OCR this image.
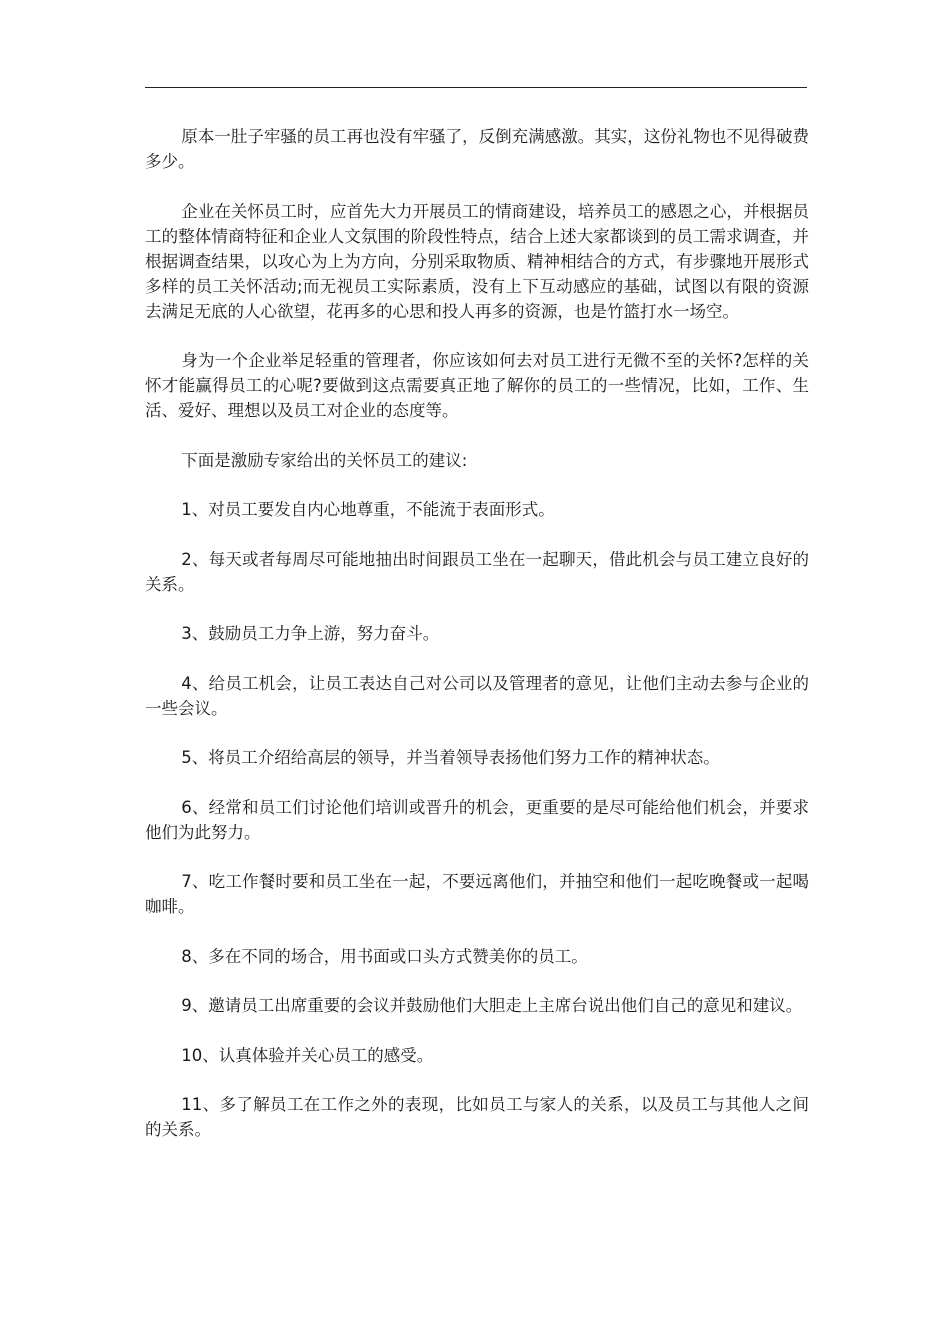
原本一肚子牢骚的员工再也没有牢骚了，反倒充满感激。其实，这份礼物也不见得破费多少。

企业在关怀员工时，应首先大力开展员工的情商建设，培养员工的感恩之心，并根据员工的整体情商特征和企业人文氛围的阶段性特点，结合上述大家都谈到的员工需求调查，并根据调查结果，以攻心为上为方向，分别采取物质、精神相结合的方式，有步骤地开展形式多样的员工关怀活动;而无视员工实际素质，没有上下互动感应的基础，试图以有限的资源去满足无底的人心欲望，花再多的心思和投人再多的资源，也是竹篮打水一场空。

身为一个企业举足轻重的管理者，你应该如何去对员工进行无微不至的关怀?怎样的关怀才能赢得员工的心呢?要做到这点需要真正地了解你的员工的一些情况，比如，工作、生活、爱好、理想以及员工对企业的态度等。

下面是激励专家给出的关怀员工的建议:

1、对员工要发自内心地尊重，不能流于表面形式。

2、每天或者每周尽可能地抽出时间跟员工坐在一起聊天，借此机会与员工建立良好的关系。

3、鼓励员工力争上游，努力奋斗。

4、给员工机会，让员工表达自己对公司以及管理者的意见，让他们主动去参与企业的一些会议。

5、将员工介绍给高层的领导，并当着领导表扬他们努力工作的精神状态。

6、经常和员工们讨论他们培训或晋升的机会，更重要的是尽可能给他们机会，并要求他们为此努力。

7、吃工作餐时要和员工坐在一起，不要远离他们，并抽空和他们一起吃晚餐或一起喝咖啡。

8、多在不同的场合，用书面或口头方式赞美你的员工。

9、邀请员工出席重要的会议并鼓励他们大胆走上主席台说出他们自己的意见和建议。

10、认真体验并关心员工的感受。

11、多了解员工在工作之外的表现，比如员工与家人的关系，以及员工与其他人之间的关系。
